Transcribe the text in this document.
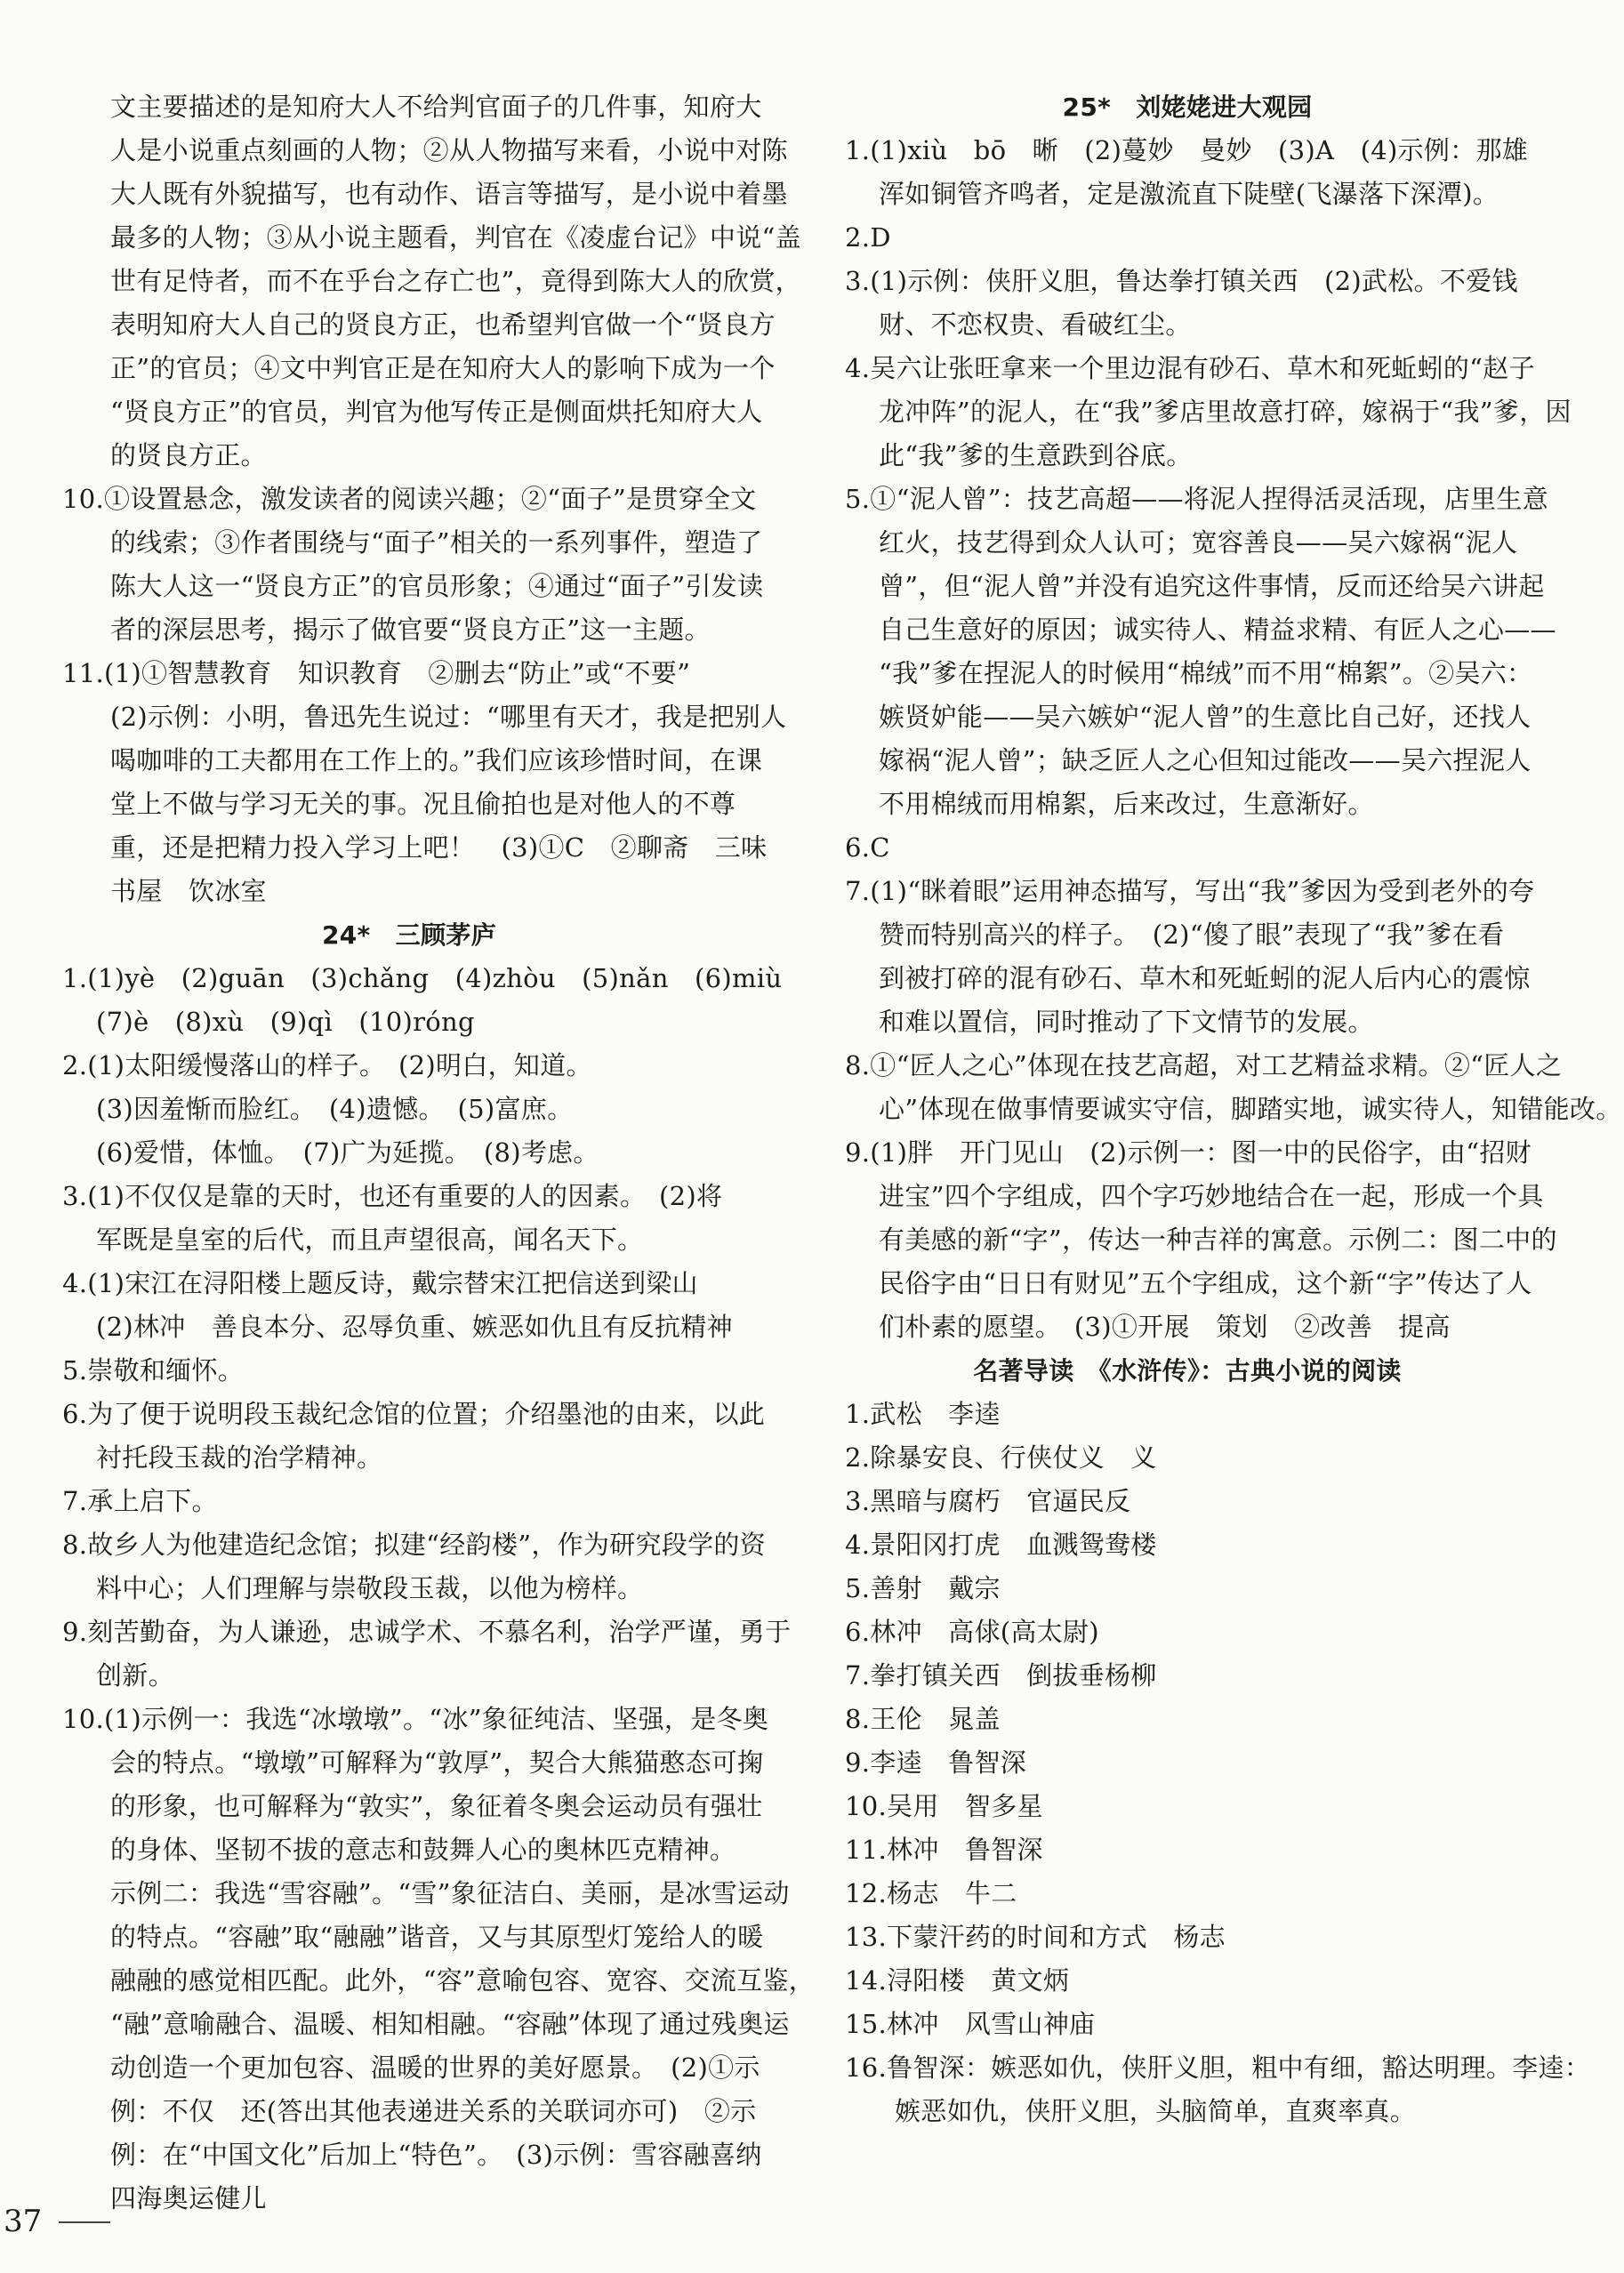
文主要描述的是知府大人不给判官面子的几件事，知府大
人是小说重点刻画的人物；②从人物描写来看，小说中对陈
大人既有外貌描写，也有动作、语言等描写，是小说中着墨
最多的人物；③从小说主题看，判官在《凌虚台记》中说“盖
世有足恃者，而不在乎台之存亡也”，竟得到陈大人的欣赏，
表明知府大人自己的贤良方正，也希望判官做一个“贤良方
正”的官员；④文中判官正是在知府大人的影响下成为一个
“贤良方正”的官员，判官为他写传正是侧面烘托知府大人
的贤良方正。
10.①设置悬念，激发读者的阅读兴趣；②“面子”是贯穿全文
的线索；③作者围绕与“面子”相关的一系列事件，塑造了
陈大人这一“贤良方正”的官员形象；④通过“面子”引发读
者的深层思考，揭示了做官要“贤良方正”这一主题。
11.(1)①智慧教育　知识教育　②删去“防止”或“不要”
(2)示例：小明，鲁迅先生说过：“哪里有天才，我是把别人
喝咖啡的工夫都用在工作上的。”我们应该珍惜时间，在课
堂上不做与学习无关的事。况且偷拍也是对他人的不尊
重，还是把精力投入学习上吧！　(3)①C　②聊斋　三味
书屋　饮冰室
24*　三顾茅庐
1.(1)yè　(2)guān　(3)chǎng　(4)zhòu　(5)nǎn　(6)miù
(7)è　(8)xù　(9)qì　(10)róng
2.(1)太阳缓慢落山的样子。　(2)明白，知道。
(3)因羞惭而脸红。　(4)遗憾。　(5)富庶。
(6)爱惜，体恤。　(7)广为延揽。　(8)考虑。
3.(1)不仅仅是靠的天时，也还有重要的人的因素。　(2)将
军既是皇室的后代，而且声望很高，闻名天下。
4.(1)宋江在浔阳楼上题反诗，戴宗替宋江把信送到梁山
(2)林冲　善良本分、忍辱负重、嫉恶如仇且有反抗精神
5.崇敬和缅怀。
6.为了便于说明段玉裁纪念馆的位置；介绍墨池的由来，以此
衬托段玉裁的治学精神。
7.承上启下。
8.故乡人为他建造纪念馆；拟建“经韵楼”，作为研究段学的资
料中心；人们理解与崇敬段玉裁，以他为榜样。
9.刻苦勤奋，为人谦逊，忠诚学术、不慕名利，治学严谨，勇于
创新。
10.(1)示例一：我选“冰墩墩”。“冰”象征纯洁、坚强，是冬奥
会的特点。“墩墩”可解释为“敦厚”，契合大熊猫憨态可掬
的形象，也可解释为“敦实”，象征着冬奥会运动员有强壮
的身体、坚韧不拔的意志和鼓舞人心的奥林匹克精神。
示例二：我选“雪容融”。“雪”象征洁白、美丽，是冰雪运动
的特点。“容融”取“融融”谐音，又与其原型灯笼给人的暖
融融的感觉相匹配。此外，“容”意喻包容、宽容、交流互鉴，
“融”意喻融合、温暖、相知相融。“容融”体现了通过残奥运
动创造一个更加包容、温暖的世界的美好愿景。　(2)①示
例：不仅　还(答出其他表递进关系的关联词亦可)　②示
例：在“中国文化”后加上“特色”。　(3)示例：雪容融喜纳
四海奥运健儿
25*　刘姥姥进大观园
1.(1)xiù　bō　晰　(2)蔓妙　曼妙　(3)A　(4)示例：那雄
浑如铜管齐鸣者，定是激流直下陡壁(飞瀑落下深潭)。
2.D
3.(1)示例：侠肝义胆，鲁达拳打镇关西　(2)武松。不爱钱
财、不恋权贵、看破红尘。
4.吴六让张旺拿来一个里边混有砂石、草木和死蚯蚓的“赵子
龙冲阵”的泥人，在“我”爹店里故意打碎，嫁祸于“我”爹，因
此“我”爹的生意跌到谷底。
5.①“泥人曾”：技艺高超——将泥人捏得活灵活现，店里生意
红火，技艺得到众人认可；宽容善良——吴六嫁祸“泥人
曾”，但“泥人曾”并没有追究这件事情，反而还给吴六讲起
自己生意好的原因；诚实待人、精益求精、有匠人之心——
“我”爹在捏泥人的时候用“棉绒”而不用“棉絮”。②吴六：
嫉贤妒能——吴六嫉妒“泥人曾”的生意比自己好，还找人
嫁祸“泥人曾”；缺乏匠人之心但知过能改——吴六捏泥人
不用棉绒而用棉絮，后来改过，生意渐好。
6.C
7.(1)“眯着眼”运用神态描写，写出“我”爹因为受到老外的夸
赞而特别高兴的样子。　(2)“傻了眼”表现了“我”爹在看
到被打碎的混有砂石、草木和死蚯蚓的泥人后内心的震惊
和难以置信，同时推动了下文情节的发展。
8.①“匠人之心”体现在技艺高超，对工艺精益求精。②“匠人之
心”体现在做事情要诚实守信，脚踏实地，诚实待人，知错能改。
9.(1)胖　开门见山　(2)示例一：图一中的民俗字，由“招财
进宝”四个字组成，四个字巧妙地结合在一起，形成一个具
有美感的新“字”，传达一种吉祥的寓意。示例二：图二中的
民俗字由“日日有财见”五个字组成，这个新“字”传达了人
们朴素的愿望。　(3)①开展　策划　②改善　提高
名著导读　《水浒传》：古典小说的阅读
1.武松　李逵
2.除暴安良、行侠仗义　义
3.黑暗与腐朽　官逼民反
4.景阳冈打虎　血溅鸳鸯楼
5.善射　戴宗
6.林冲　高俅(高太尉)
7.拳打镇关西　倒拔垂杨柳
8.王伦　晁盖
9.李逵　鲁智深
10.吴用　智多星
11.林冲　鲁智深
12.杨志　牛二
13.下蒙汗药的时间和方式　杨志
14.浔阳楼　黄文炳
15.林冲　风雪山神庙
16.鲁智深：嫉恶如仇，侠肝义胆，粗中有细，豁达明理。李逵：
嫉恶如仇，侠肝义胆，头脑简单，直爽率真。
37
